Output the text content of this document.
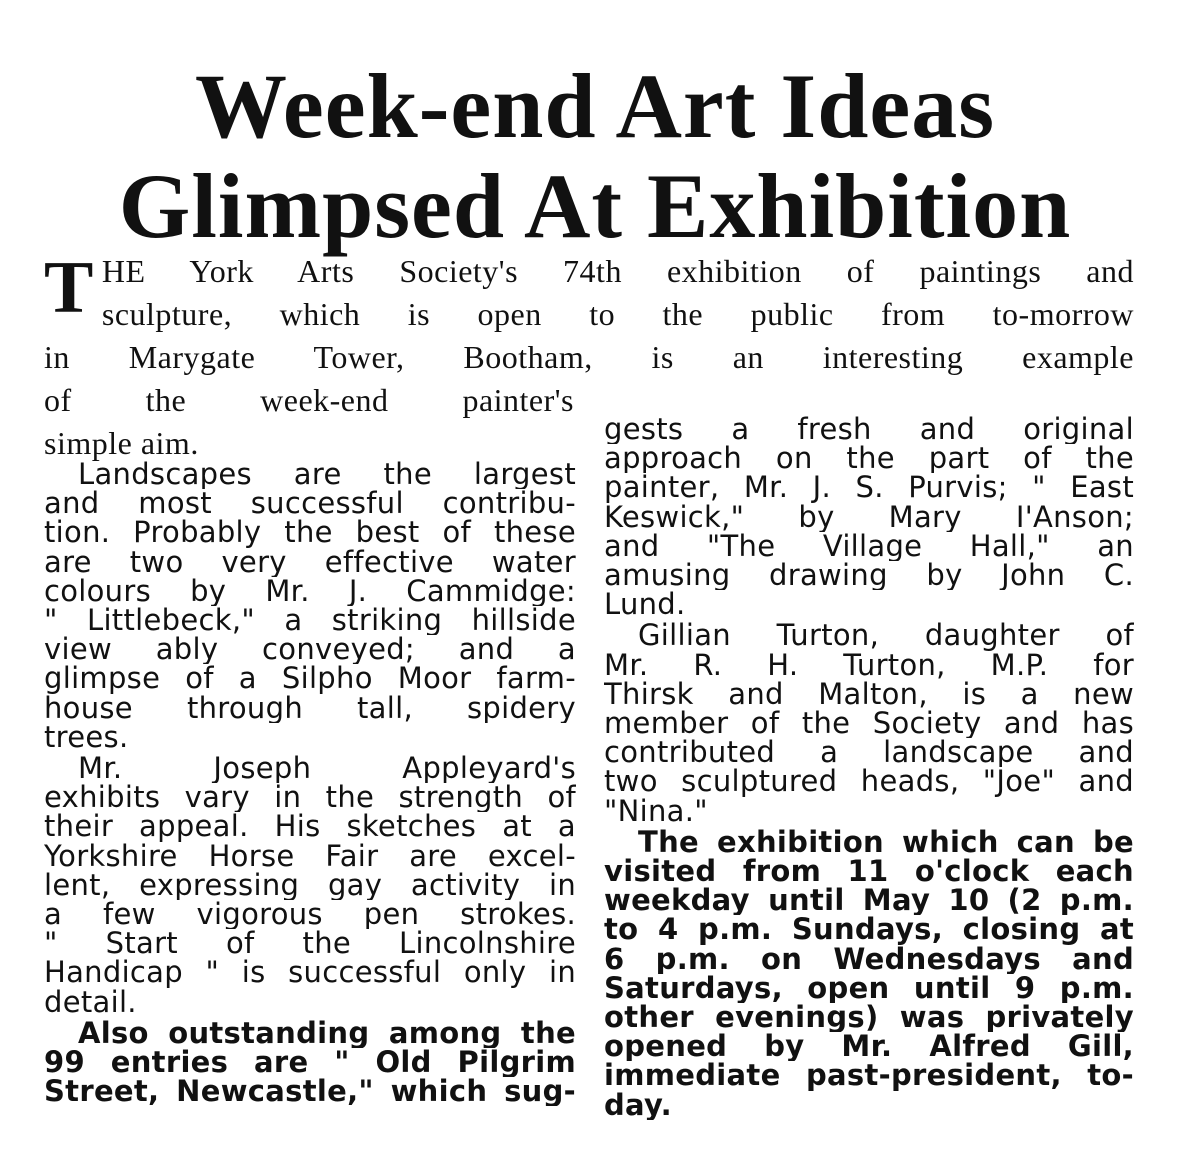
Week-end Art Ideas
Glimpsed At Exhibition
T HE York Arts Society's 74th exhibition of paintings and
sculpture, which is open to the public from to-morrow
in Marygate Tower, Bootham, is an interesting example
of the week-end painter's
simple aim.
Landscapes are the largest
and most successful contribu-
tion. Probably the best of these
are two very effective water
colours by Mr. J. Cammidge:
" Littlebeck," a striking hillside
view ably conveyed; and a
glimpse of a Silpho Moor farm-
house through tall, spidery
trees.
Mr. Joseph Appleyard's
exhibits vary in the strength of
their appeal. His sketches at a
Yorkshire Horse Fair are excel-
lent, expressing gay activity in
a few vigorous pen strokes.
" Start of the Lincolnshire
Handicap " is successful only in
detail.
Also outstanding among the
99 entries are " Old Pilgrim
Street, Newcastle," which sug-
gests a fresh and original
approach on the part of the
painter, Mr. J. S. Purvis; " East
Keswick," by Mary I'Anson;
and "The Village Hall," an
amusing drawing by John C.
Lund.
Gillian Turton, daughter of
Mr. R. H. Turton, M.P. for
Thirsk and Malton, is a new
member of the Society and has
contributed a landscape and
two sculptured heads, "Joe" and
"Nina."
The exhibition which can be
visited from 11 o'clock each
weekday until May 10 (2 p.m.
to 4 p.m. Sundays, closing at
6 p.m. on Wednesdays and
Saturdays, open until 9 p.m.
other evenings) was privately
opened by Mr. Alfred Gill,
immediate past-president, to-
day.
